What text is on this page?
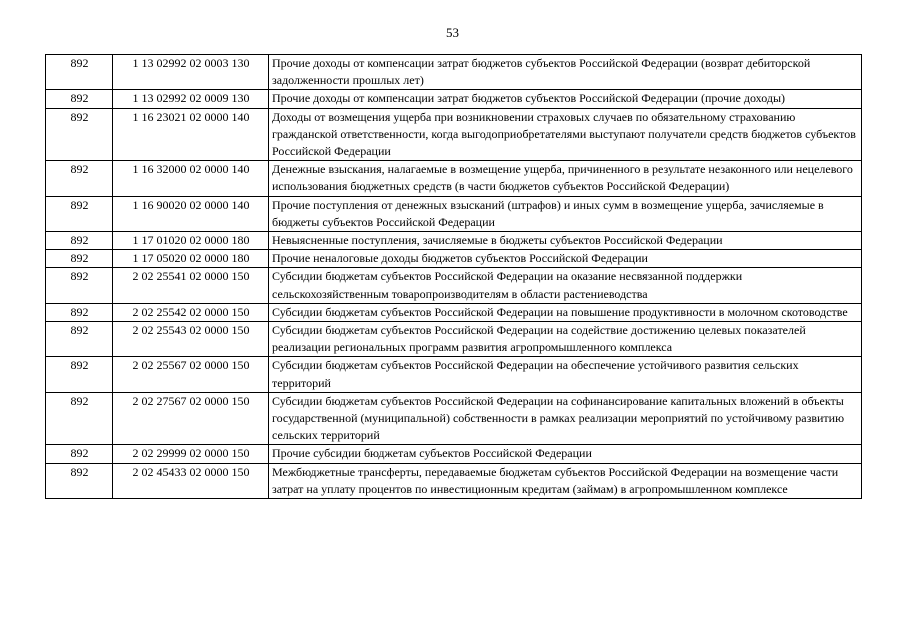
53
892	1 13 02992 02 0003 130	Прочие доходы от компенсации затрат бюджетов субъектов Российской Федерации (возврат дебиторской задолженности прошлых лет)
892	1 13 02992 02 0009 130	Прочие доходы от компенсации затрат бюджетов субъектов Российской Федерации (прочие доходы)
892	1 16 23021 02 0000 140	Доходы от возмещения ущерба при возникновении страховых случаев по обязательному страхованию гражданской ответственности, когда выгодоприобретателями выступают получатели средств бюджетов субъектов Российской Федерации
892	1 16 32000 02 0000 140	Денежные взыскания, налагаемые в возмещение ущерба, причиненного в результате незаконного или нецелевого использования бюджетных средств (в части бюджетов субъектов Российской Федерации)
892	1 16 90020 02 0000 140	Прочие поступления от денежных взысканий (штрафов) и иных сумм в возмещение ущерба, зачисляемые в бюджеты субъектов Российской Федерации
892	1 17 01020 02 0000 180	Невыясненные поступления, зачисляемые в бюджеты субъектов Российской Федерации
892	1 17 05020 02 0000 180	Прочие неналоговые доходы бюджетов субъектов Российской Федерации
892	2 02 25541 02 0000 150	Субсидии бюджетам субъектов Российской Федерации на оказание несвязанной поддержки сельскохозяйственным товаропроизводителям в области растениеводства
892	2 02 25542 02 0000 150	Субсидии бюджетам субъектов Российской Федерации на повышение продуктивности в молочном скотоводстве
892	2 02 25543 02 0000 150	Субсидии бюджетам субъектов Российской Федерации на содействие достижению целевых показателей реализации региональных программ развития агропромышленного комплекса
892	2 02 25567 02 0000 150	Субсидии бюджетам субъектов Российской Федерации на обеспечение устойчивого развития сельских территорий
892	2 02 27567 02 0000 150	Субсидии бюджетам субъектов Российской Федерации на софинансирование капитальных вложений в объекты государственной (муниципальной) собственности в рамках реализации мероприятий по устойчивому развитию сельских территорий
892	2 02 29999 02 0000 150	Прочие субсидии бюджетам субъектов Российской Федерации
892	2 02 45433 02 0000 150	Межбюджетные трансферты, передаваемые бюджетам субъектов Российской Федерации на возмещение части затрат на уплату процентов по инвестиционным кредитам (займам) в агропромышленном комплексе
